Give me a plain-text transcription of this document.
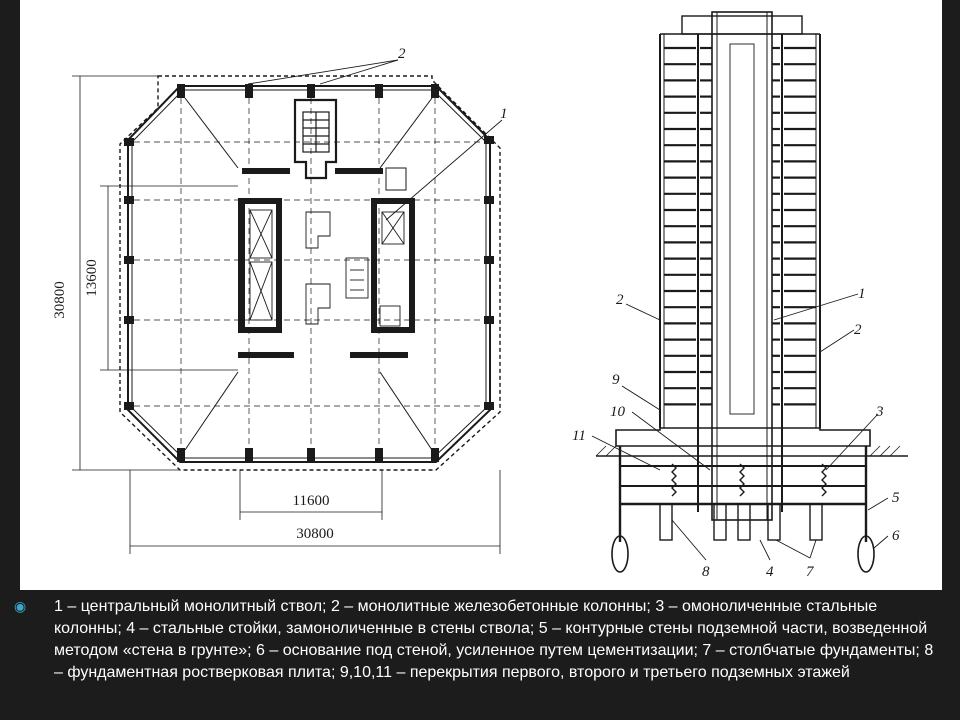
30800
13600
11600
30800
2
1
2	1
2
9
10
11
3
5
6
8	4 7
◉ 1 – центральный монолитный ствол; 2 – монолитные железобетонные колонны; 3 – омоноличенные стальные колонны; 4 – стальные стойки, замоноличенные в стены ствола; 5 – контурные стены подземной части, возведенной методом «стена в грунте»; 6 – основание под стеной, усиленное путем цементизации; 7 – столбчатые фундаменты; 8 – фундаментная ростверковая плита; 9,10,11 – перекрытия первого, второго и третьего подземных этажей
